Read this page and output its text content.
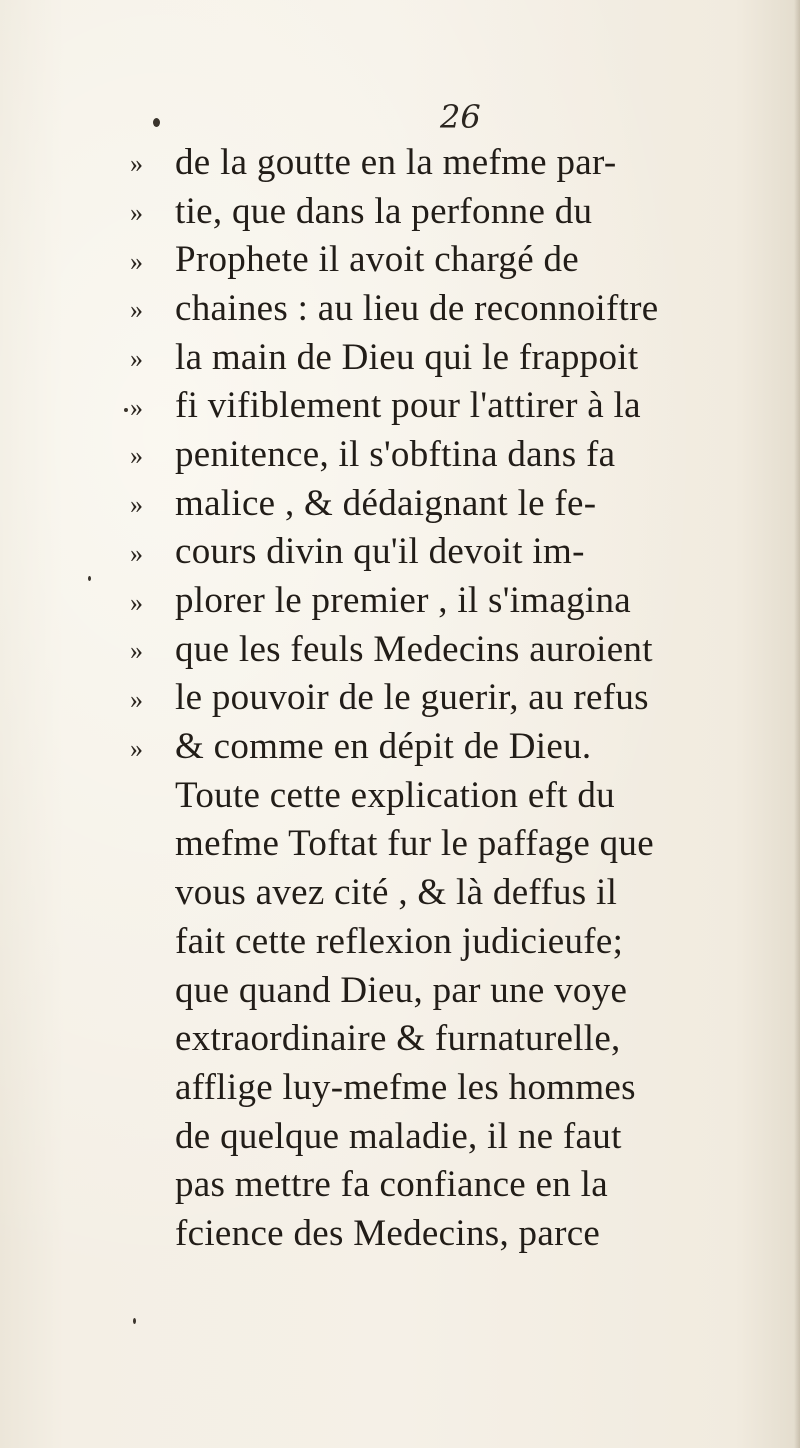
26

» de la goutte en la mefme par-
» tie, que dans la perfonne du
» Prophete il avoit chargé de
» chaines : au lieu de reconnoiftre
» la main de Dieu qui le frappoit
» fi vifiblement pour l'attirer à la
» penitence, il s'obftina dans fa
» malice , & dédaignant le fe-
» cours divin qu'il devoit im-
» plorer le premier , il s'imagina
» que les feuls Medecins auroient
» le pouvoir de le guerir, au refus
» & comme en dépit de Dieu.
Toute cette explication eft du
mefme Toftat fur le paffage que
vous avez cité , & là deffus il
fait cette reflexion judicieufe;
que quand Dieu, par une voye
extraordinaire & furnaturelle,
afflige luy-mefme les hommes
de quelque maladie, il ne faut
pas mettre fa confiance en la
fcience des Medecins, parce
